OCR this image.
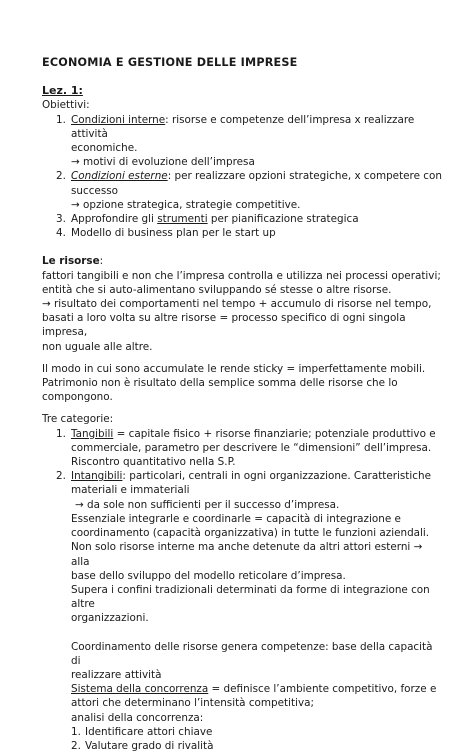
ECONOMIA E GESTIONE DELLE IMPRESE
Lez. 1:
Obiettivi:
1. Condizioni interne: risorse e competenze dell’impresa x realizzare attività
economiche.
→ motivi di evoluzione dell’impresa
2. Condizioni esterne: per realizzare opzioni strategiche, x competere con
successo
→ opzione strategica, strategie competitive.
3. Approfondire gli strumenti per pianificazione strategica
4. Modello di business plan per le start up

Le risorse:
fattori tangibili e non che l’impresa controlla e utilizza nei processi operativi;
entità che si auto-alimentano sviluppando sé stesse o altre risorse.
→ risultato dei comportamenti nel tempo + accumulo di risorse nel tempo,
basati a loro volta su altre risorse = processo specifico di ogni singola impresa,
non uguale alle altre.

Il modo in cui sono accumulate le rende sticky = imperfettamente mobili.
Patrimonio non è risultato della semplice somma delle risorse che lo
compongono.

Tre categorie:
1. Tangibili = capitale fisico + risorse finanziarie; potenziale produttivo e
commerciale, parametro per descrivere le “dimensioni” dell’impresa.
Riscontro quantitativo nella S.P.
2. Intangibili: particolari, centrali in ogni organizzazione. Caratteristiche
materiali e immateriali
→ da sole non sufficienti per il successo d’impresa.
Essenziale integrarle e coordinarle = capacità di integrazione e
coordinamento (capacità organizzativa) in tutte le funzioni aziendali.
Non solo risorse interne ma anche detenute da altri attori esterni → alla
base dello sviluppo del modello reticolare d’impresa.
Supera i confini tradizionali determinati da forme di integrazione con altre
organizzazioni.
Coordinamento delle risorse genera competenze: base della capacità di
realizzare attività
Sistema della concorrenza = definisce l’ambiente competitivo, forze e
attori che determinano l’intensità competitiva;
analisi della concorrenza:
1. Identificare attori chiave
2. Valutare grado di rivalità
